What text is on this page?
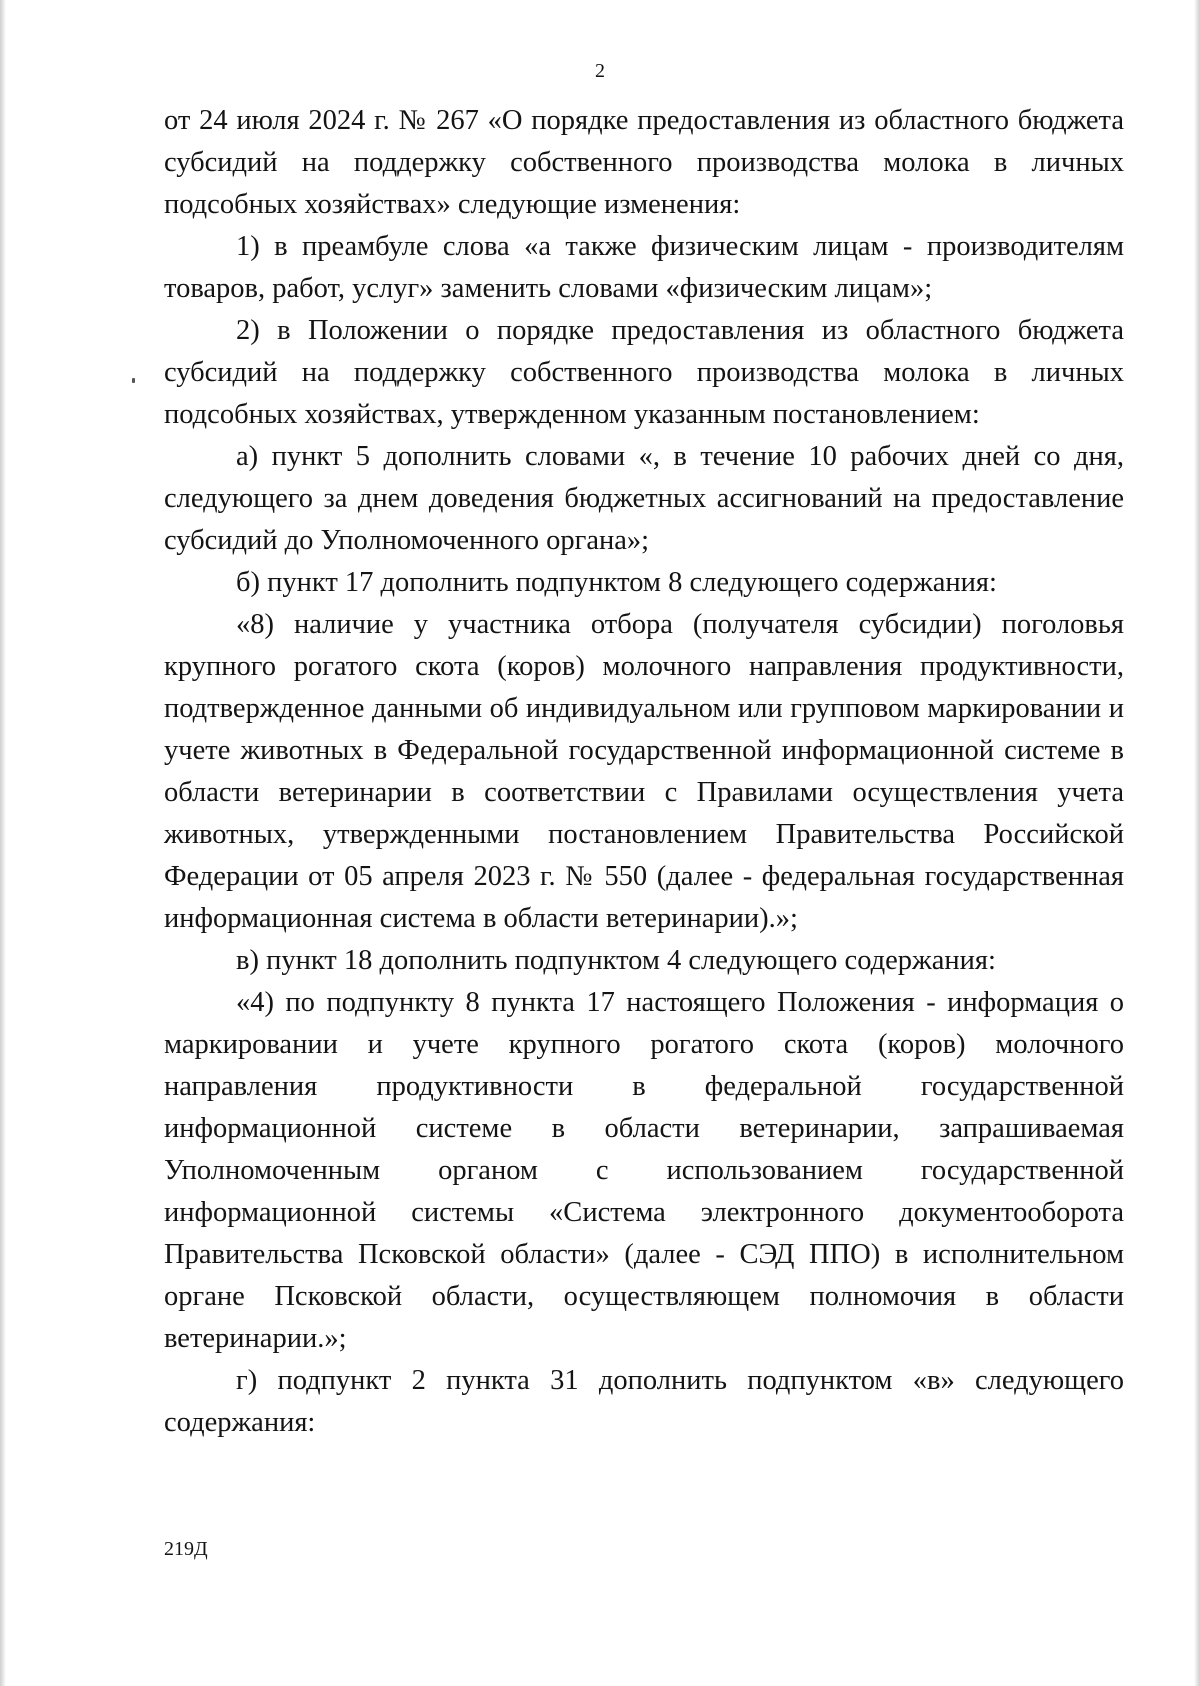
2

от 24 июля 2024 г. № 267 «О порядке предоставления из областного бюджета субсидий на поддержку собственного производства молока в личных подсобных хозяйствах» следующие изменения:

1) в преамбуле слова «а также физическим лицам - производителям товаров, работ, услуг» заменить словами «физическим лицам»;

2) в Положении о порядке предоставления из областного бюджета субсидий на поддержку собственного производства молока в личных подсобных хозяйствах, утвержденном указанным постановлением:

а) пункт 5 дополнить словами «, в течение 10 рабочих дней со дня, следующего за днем доведения бюджетных ассигнований на предоставление субсидий до Уполномоченного органа»;

б) пункт 17 дополнить подпунктом 8 следующего содержания:

«8) наличие у участника отбора (получателя субсидии) поголовья крупного рогатого скота (коров) молочного направления продуктивности, подтвержденное данными об индивидуальном или групповом маркировании и учете животных в Федеральной государственной информационной системе в области ветеринарии в соответствии с Правилами осуществления учета животных, утвержденными постановлением Правительства Российской Федерации от 05 апреля 2023 г. № 550 (далее - федеральная государственная информационная система в области ветеринарии).»;

в) пункт 18 дополнить подпунктом 4 следующего содержания:

«4) по подпункту 8 пункта 17 настоящего Положения - информация о маркировании и учете крупного рогатого скота (коров) молочного направления продуктивности в федеральной государственной информационной системе в области ветеринарии, запрашиваемая Уполномоченным органом с использованием государственной информационной системы «Система электронного документооборота Правительства Псковской области» (далее - СЭД ППО) в исполнительном органе Псковской области, осуществляющем полномочия в области ветеринарии.»;

г) подпункт 2 пункта 31 дополнить подпунктом «в» следующего содержания:

219Д
